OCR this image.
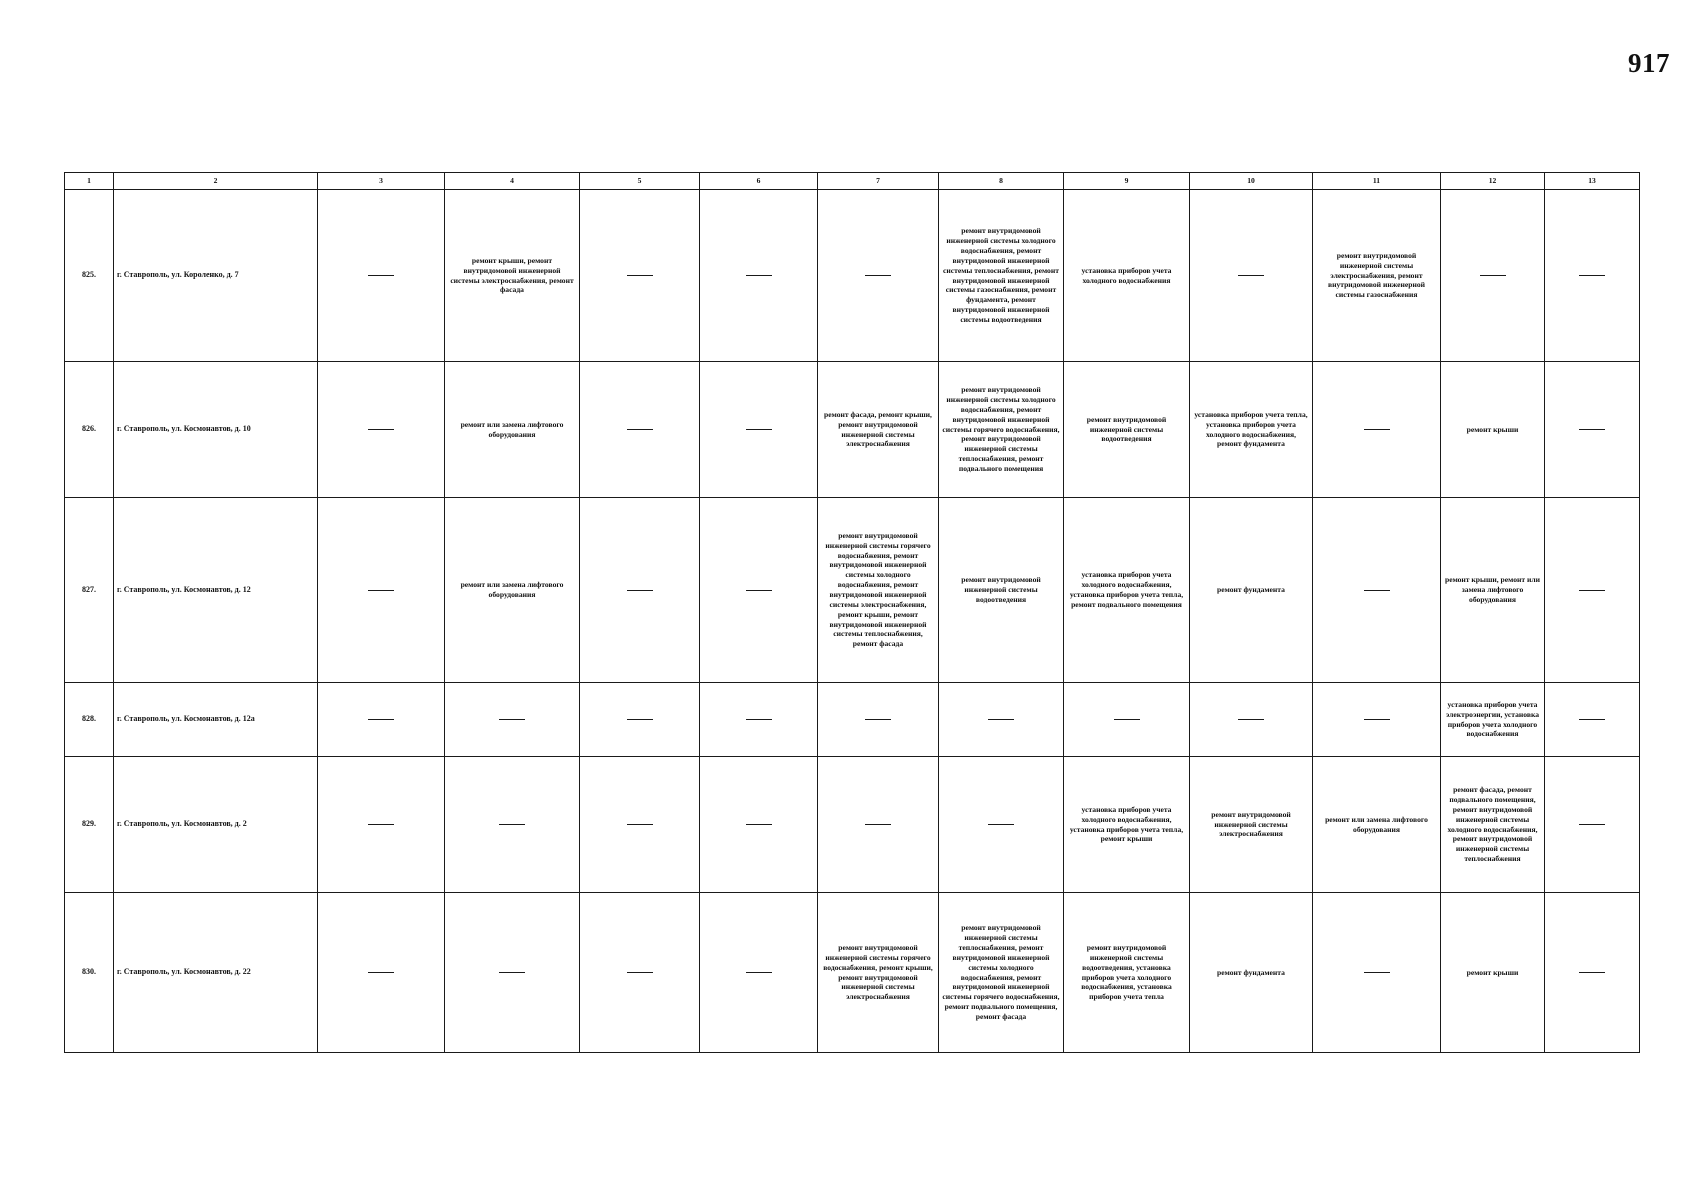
917
1	2	3	4	5	6	7	8	9	10	11	12	13
825.	г. Ставрополь, ул. Короленко, д. 7		ремонт крыши, ремонт внутридомовой инженерной системы электроснабжения, ремонт фасада				ремонт внутридомовой инженерной системы холодного водоснабжения, ремонт внутридомовой инженерной системы теплоснабжения, ремонт внутридомовой инженерной системы газоснабжения, ремонт фундамента, ремонт внутридомовой инженерной системы водоотведения	установка приборов учета холодного водоснабжения		ремонт внутридомовой инженерной системы электроснабжения, ремонт внутридомовой инженерной системы газоснабжения		
826.	г. Ставрополь, ул. Космонавтов, д. 10		ремонт или замена лифтового оборудования			ремонт фасада, ремонт крыши, ремонт внутридомовой инженерной системы электроснабжения	ремонт внутридомовой инженерной системы холодного водоснабжения, ремонт внутридомовой инженерной системы горячего водоснабжения, ремонт внутридомовой инженерной системы теплоснабжения, ремонт подвального помещения	ремонт внутридомовой инженерной системы водоотведения	установка приборов учета тепла, установка приборов учета холодного водоснабжения, ремонт фундамента		ремонт крыши	
827.	г. Ставрополь, ул. Космонавтов, д. 12		ремонт или замена лифтового оборудования			ремонт внутридомовой инженерной системы горячего водоснабжения, ремонт внутридомовой инженерной системы холодного водоснабжения, ремонт внутридомовой инженерной системы электроснабжения, ремонт крыши, ремонт внутридомовой инженерной системы теплоснабжения, ремонт фасада	ремонт внутридомовой инженерной системы водоотведения	установка приборов учета холодного водоснабжения, установка приборов учета тепла, ремонт подвального помещения	ремонт фундамента		ремонт крыши, ремонт или замена лифтового оборудования	
828.	г. Ставрополь, ул. Космонавтов, д. 12а										установка приборов учета электроэнергии, установка приборов учета холодного водоснабжения	
829.	г. Ставрополь, ул. Космонавтов, д. 2							установка приборов учета холодного водоснабжения, установка приборов учета тепла, ремонт крыши	ремонт внутридомовой инженерной системы электроснабжения	ремонт или замена лифтового оборудования	ремонт фасада, ремонт подвального помещения, ремонт внутридомовой инженерной системы холодного водоснабжения, ремонт внутридомовой инженерной системы теплоснабжения	
830.	г. Ставрополь, ул. Космонавтов, д. 22					ремонт внутридомовой инженерной системы горячего водоснабжения, ремонт крыши, ремонт внутридомовой инженерной системы электроснабжения	ремонт внутридомовой инженерной системы теплоснабжения, ремонт внутридомовой инженерной системы холодного водоснабжения, ремонт внутридомовой инженерной системы горячего водоснабжения, ремонт подвального помещения, ремонт фасада	ремонт внутридомовой инженерной системы водоотведения, установка приборов учета холодного водоснабжения, установка приборов учета тепла	ремонт фундамента		ремонт крыши	
